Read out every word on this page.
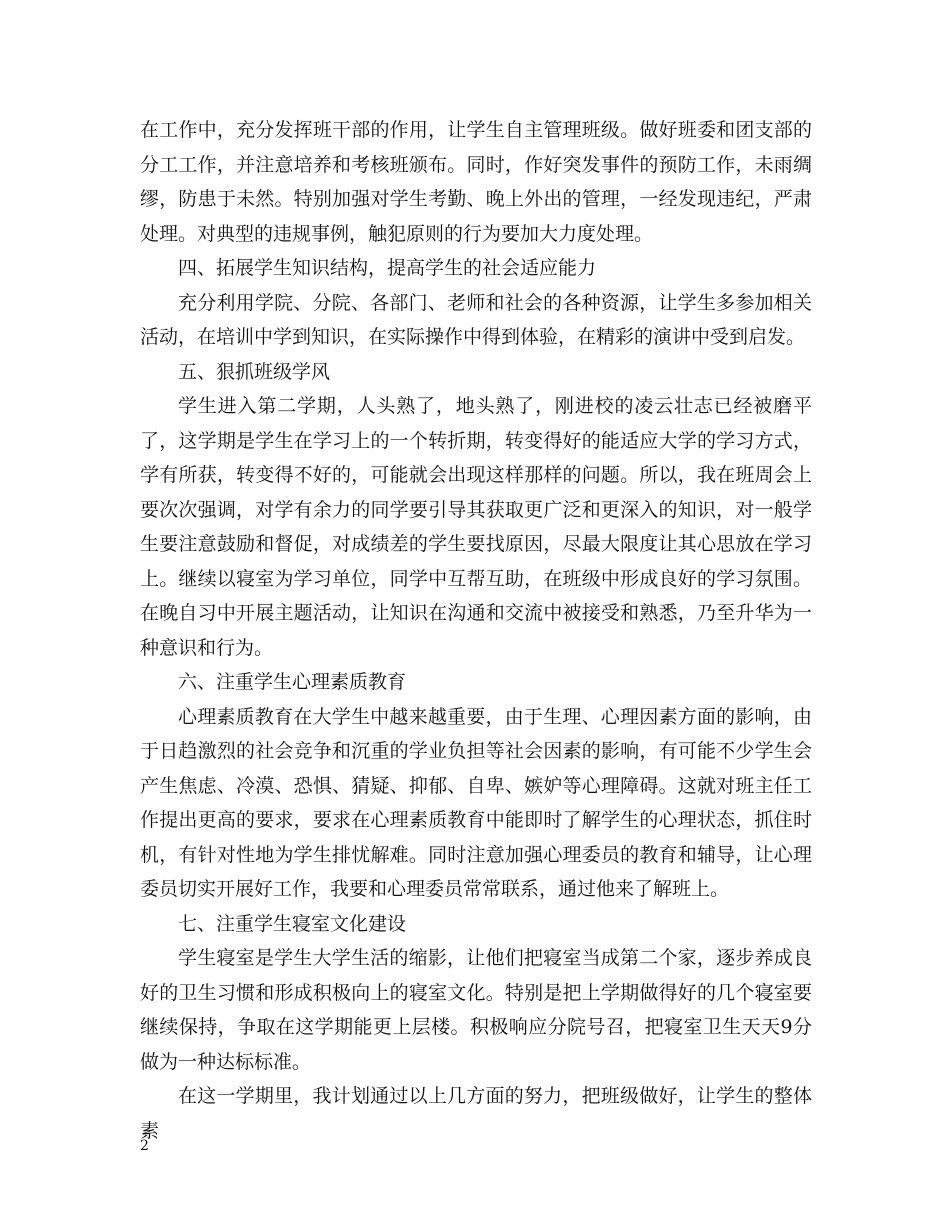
在工作中，充分发挥班干部的作用，让学生自主管理班级。做好班委和团支部的分工工作，并注意培养和考核班颁布。同时，作好突发事件的预防工作，未雨绸缪，防患于未然。特别加强对学生考勤、晚上外出的管理，一经发现违纪，严肃处理。对典型的违规事例，触犯原则的行为要加大力度处理。

四、拓展学生知识结构，提高学生的社会适应能力

充分利用学院、分院、各部门、老师和社会的各种资源，让学生多参加相关活动，在培训中学到知识，在实际操作中得到体验，在精彩的演讲中受到启发。

五、狠抓班级学风

学生进入第二学期，人头熟了，地头熟了，刚进校的凌云壮志已经被磨平了，这学期是学生在学习上的一个转折期，转变得好的能适应大学的学习方式，学有所获，转变得不好的，可能就会出现这样那样的问题。所以，我在班周会上要次次强调，对学有余力的同学要引导其获取更广泛和更深入的知识，对一般学生要注意鼓励和督促，对成绩差的学生要找原因，尽最大限度让其心思放在学习上。继续以寝室为学习单位，同学中互帮互助，在班级中形成良好的学习氛围。在晚自习中开展主题活动，让知识在沟通和交流中被接受和熟悉，乃至升华为一种意识和行为。

六、注重学生心理素质教育

心理素质教育在大学生中越来越重要，由于生理、心理因素方面的影响，由于日趋激烈的社会竞争和沉重的学业负担等社会因素的影响，有可能不少学生会产生焦虑、冷漠、恐惧、猜疑、抑郁、自卑、嫉妒等心理障碍。这就对班主任工作提出更高的要求，要求在心理素质教育中能即时了解学生的心理状态，抓住时机，有针对性地为学生排忧解难。同时注意加强心理委员的教育和辅导，让心理委员切实开展好工作，我要和心理委员常常联系，通过他来了解班上。

七、注重学生寝室文化建设

学生寝室是学生大学生活的缩影，让他们把寝室当成第二个家，逐步养成良好的卫生习惯和形成积极向上的寝室文化。特别是把上学期做得好的几个寝室要继续保持，争取在这学期能更上层楼。积极响应分院号召，把寝室卫生天天9分做为一种达标标准。

在这一学期里，我计划通过以上几方面的努力，把班级做好，让学生的整体素

2
